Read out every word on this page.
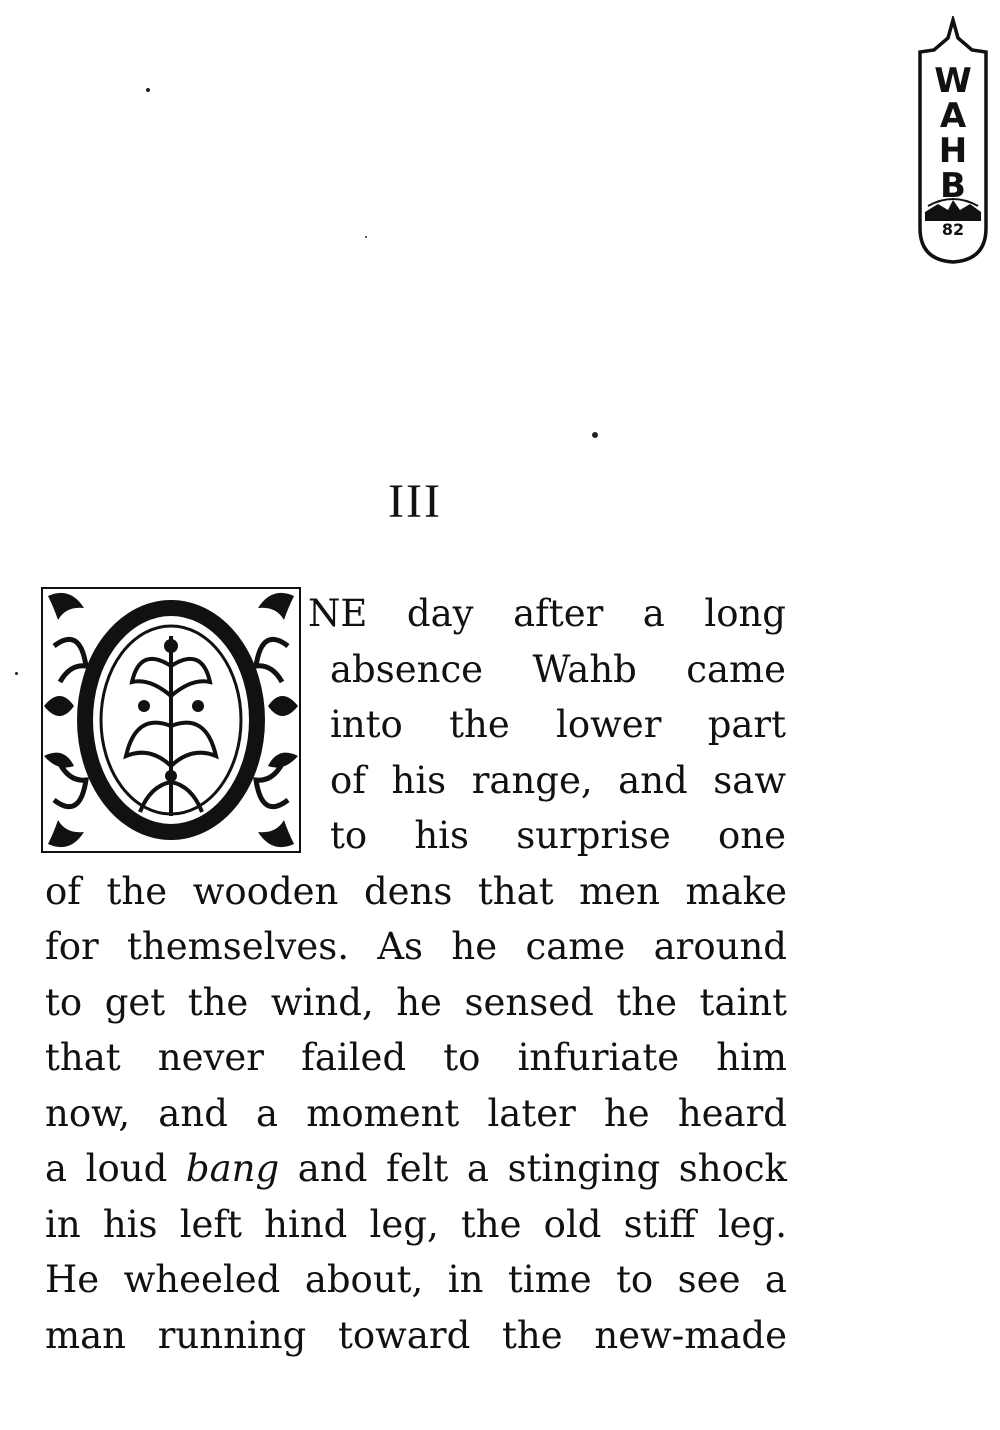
W
A
H
B
82
III
NE day after a long
absence Wahb came
into the lower part
of his range, and saw
to his surprise one
of the wooden dens that men make
for themselves. As he came around
to get the wind, he sensed the taint
that never failed to infuriate him
now, and a moment later he heard
a loud bang and felt a stinging shock
in his left hind leg, the old stiff leg.
He wheeled about, in time to see a
man running toward the new-made
